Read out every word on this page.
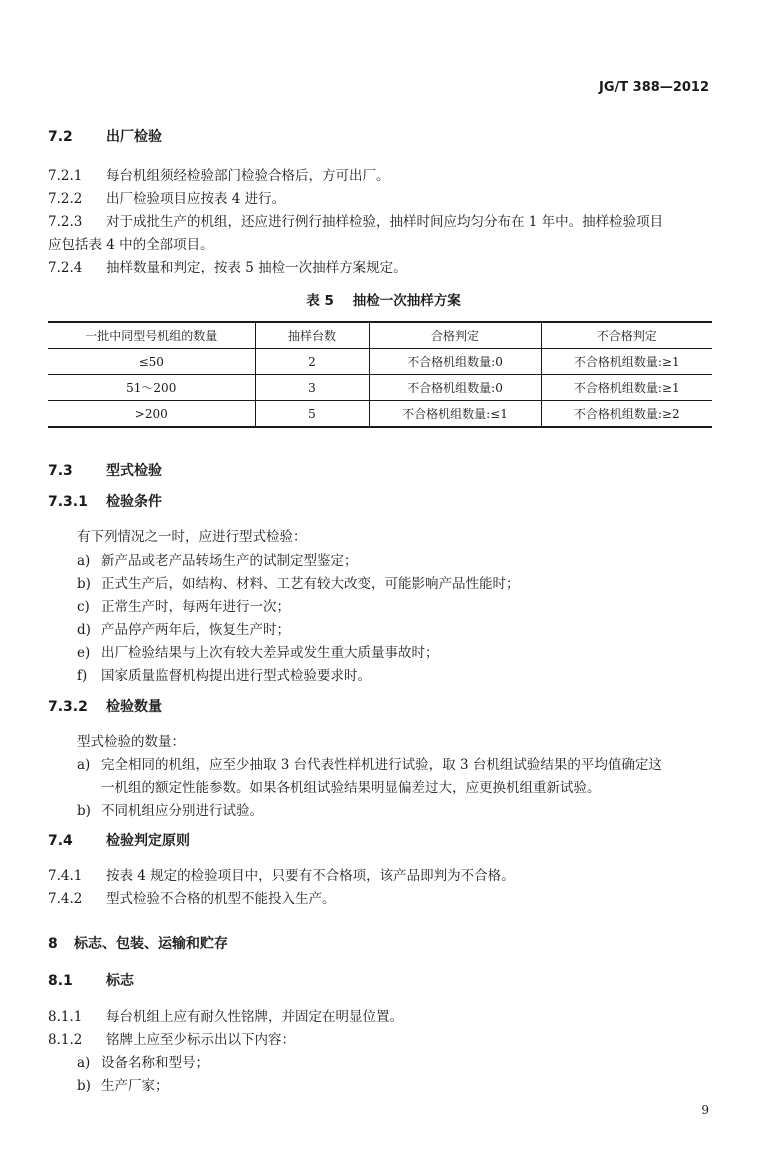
JG/T 388—2012
7.2 出厂检验
7.2.1 每台机组须经检验部门检验合格后，方可出厂。
7.2.2 出厂检验项目应按表 4 进行。
7.2.3 对于成批生产的机组，还应进行例行抽样检验，抽样时间应均匀分布在 1 年中。抽样检验项目
应包括表 4 中的全部项目。
7.2.4 抽样数量和判定，按表 5 抽检一次抽样方案规定。
表 5    抽检一次抽样方案
一批中同型号机组的数量	抽样台数	合格判定	不合格判定
≤50	2	不合格机组数量:0	不合格机组数量:≥1
51～200	3	不合格机组数量:0	不合格机组数量:≥1
>200	5	不合格机组数量:≤1	不合格机组数量:≥2
7.3 型式检验
7.3.1 检验条件
有下列情况之一时，应进行型式检验：
a) 新产品或老产品转场生产的试制定型鉴定；
b) 正式生产后，如结构、材料、工艺有较大改变，可能影响产品性能时；
c) 正常生产时，每两年进行一次；
d) 产品停产两年后，恢复生产时；
e) 出厂检验结果与上次有较大差异或发生重大质量事故时；
f) 国家质量监督机构提出进行型式检验要求时。
7.3.2 检验数量
型式检验的数量：
a) 完全相同的机组，应至少抽取 3 台代表性样机进行试验，取 3 台机组试验结果的平均值确定这
一机组的额定性能参数。如果各机组试验结果明显偏差过大，应更换机组重新试验。
b) 不同机组应分别进行试验。
7.4 检验判定原则
7.4.1 按表 4 规定的检验项目中，只要有不合格项，该产品即判为不合格。
7.4.2 型式检验不合格的机型不能投入生产。
8 标志、包装、运输和贮存
8.1 标志
8.1.1 每台机组上应有耐久性铭牌，并固定在明显位置。
8.1.2 铭牌上应至少标示出以下内容：
a) 设备名称和型号；
b) 生产厂家；
9
